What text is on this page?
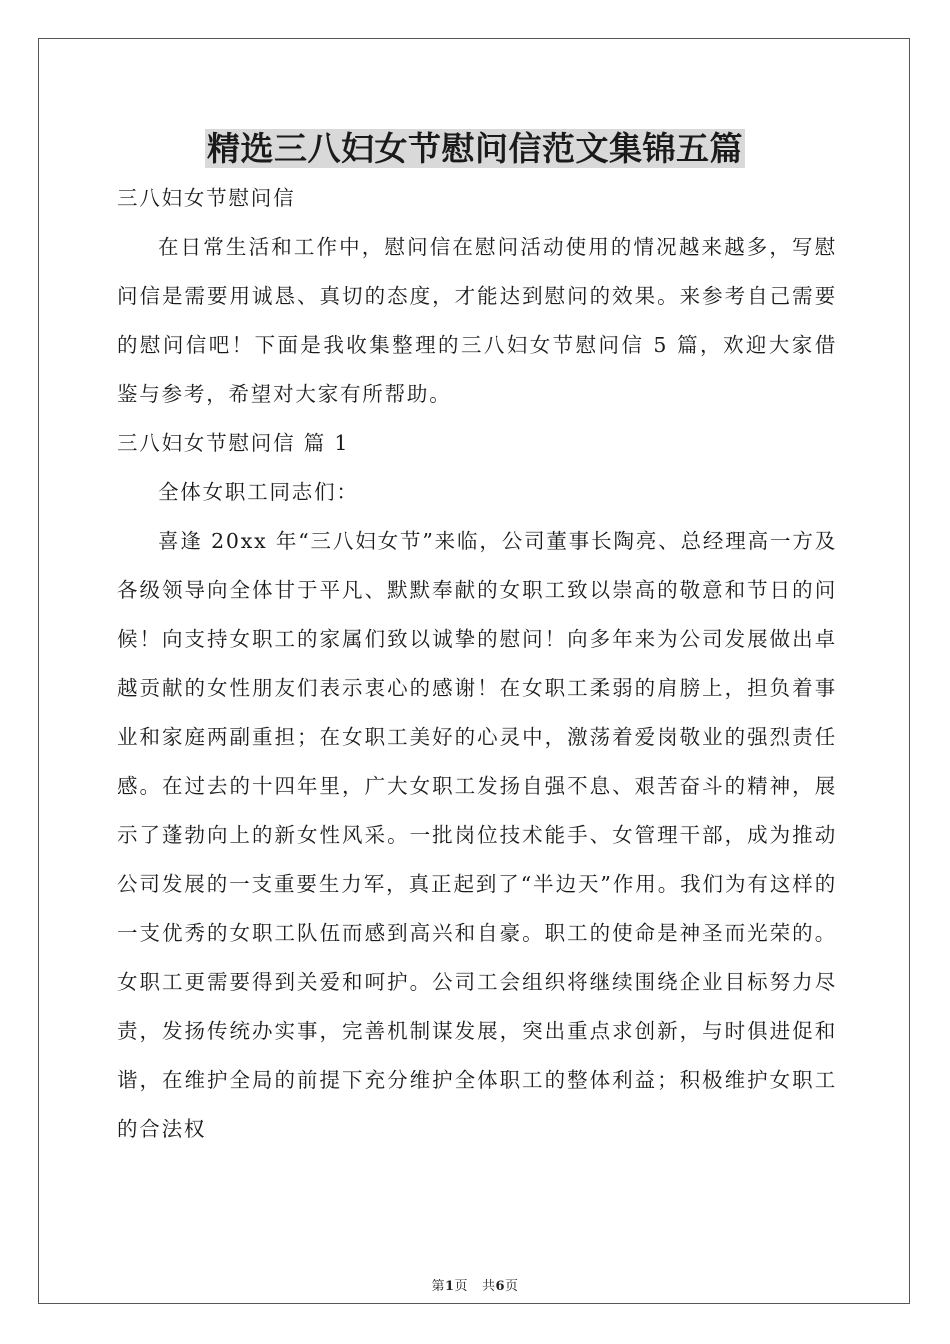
精选三八妇女节慰问信范文集锦五篇

三八妇女节慰问信

在日常生活和工作中，慰问信在慰问活动使用的情况越来越多，写慰问信是需要用诚恳、真切的态度，才能达到慰问的效果。来参考自己需要的慰问信吧！下面是我收集整理的三八妇女节慰问信 5 篇，欢迎大家借鉴与参考，希望对大家有所帮助。

三八妇女节慰问信 篇 1

全体女职工同志们：

喜逢 20xx 年“三八妇女节”来临，公司董事长陶亮、总经理高一方及各级领导向全体甘于平凡、默默奉献的女职工致以崇高的敬意和节日的问候！向支持女职工的家属们致以诚挚的慰问！向多年来为公司发展做出卓越贡献的女性朋友们表示衷心的感谢！在女职工柔弱的肩膀上，担负着事业和家庭两副重担；在女职工美好的心灵中，激荡着爱岗敬业的强烈责任感。在过去的十四年里，广大女职工发扬自强不息、艰苦奋斗的精神，展示了蓬勃向上的新女性风采。一批岗位技术能手、女管理干部，成为推动公司发展的一支重要生力军，真正起到了“半边天”作用。我们为有这样的一支优秀的女职工队伍而感到高兴和自豪。职工的使命是神圣而光荣的。女职工更需要得到关爱和呵护。公司工会组织将继续围绕企业目标努力尽责，发扬传统办实事，完善机制谋发展，突出重点求创新，与时俱进促和谐，在维护全局的前提下充分维护全体职工的整体利益；积极维护女职工的合法权

第1页 共6页
